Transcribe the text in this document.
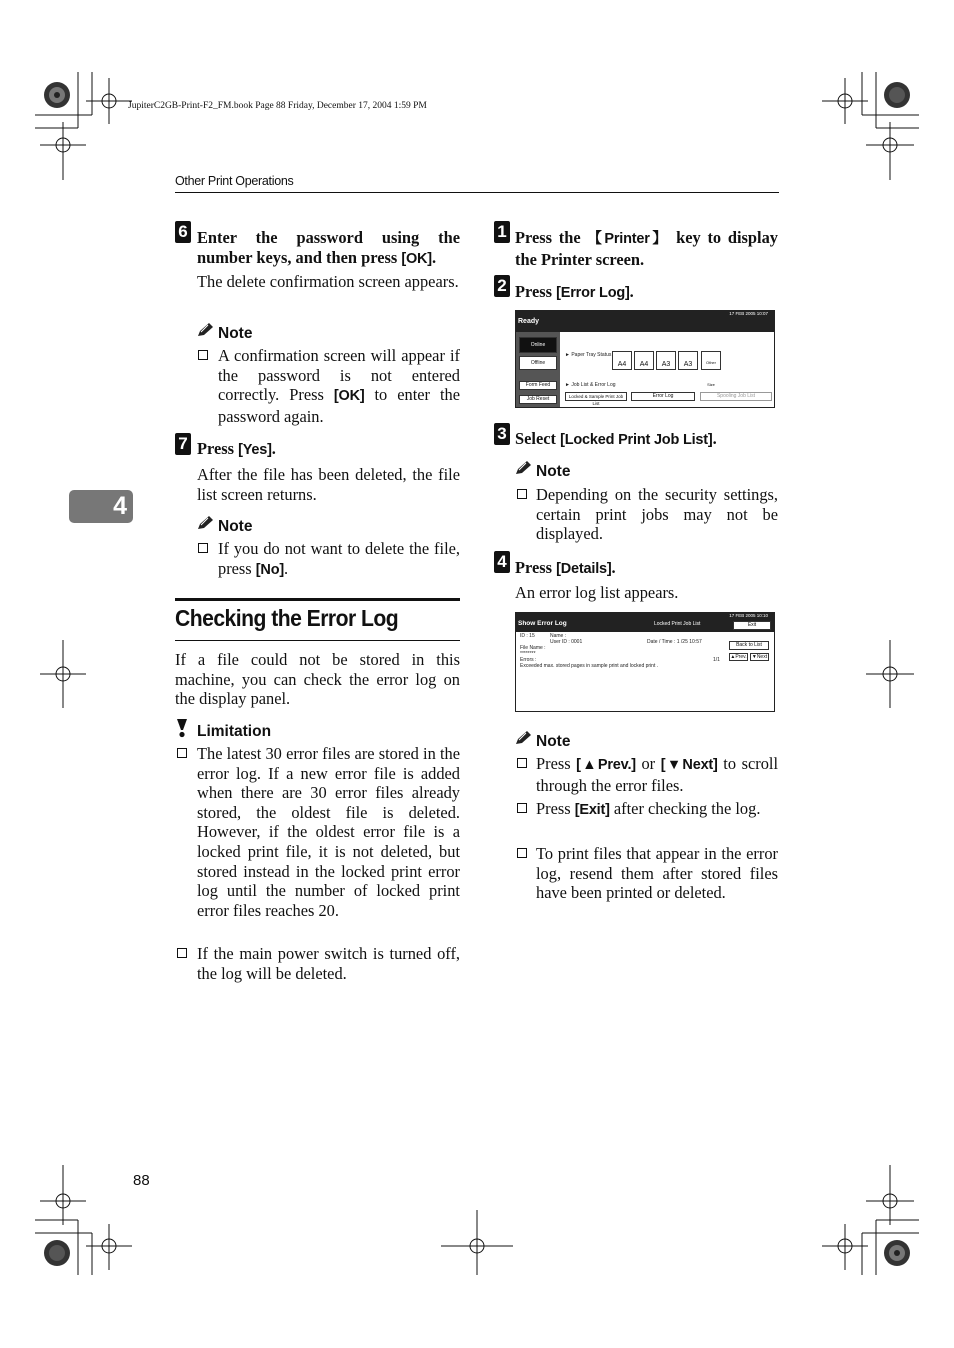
JupiterC2GB-Print-F2_FM.book Page 88 Friday, December 17, 2004 1:59 PM
Other Print Operations
4
6 Enter the password using the number keys, and then press [OK].
The delete confirmation screen appears.
Note
A confirmation screen will appear if the password is not entered correctly. Press [OK] to enter the password again.
7 Press [Yes].
After the file has been deleted, the file list screen returns.
Note
If you do not want to delete the file, press [No].
Checking the Error Log
If a file could not be stored in this machine, you can check the error log on the display panel.
Limitation
The latest 30 error files are stored in the error log. If a new error file is added when there are 30 error files already stored, the oldest file is deleted. However, if the oldest error file is a locked print file, it is not deleted, but stored instead in the locked print error log until the number of locked print error files reaches 20.
If the main power switch is turned off, the log will be deleted.
1 Press the 【Printer】 key to display the Printer screen.
2 Press [Error Log].
17 FEB 2005 10:07
Ready
Online
Offline
Form Feed
Job Reset
► Paper Tray Status
A4	A4	A3	A3	Other Size
► Job List & Error Log
Locked & Sample Print Job List
Error Log	Spooling Job List
3 Select [Locked Print Job List].
Note
Depending on the security settings, certain print jobs may not be displayed.
4 Press [Details].
An error log list appears.
17 FEB 2005 10:10
Show Error Log	Locked Print Job List	Exit
ID : 15	Name :
User ID : 0001	Date / Time : 1 /25 10:57
File Name :
********
Errors :
Exceeded max. stored pages in sample print and locked print .
1/1
Back to List
▲Prev.	▼Next
Note
Press [▲Prev.] or [▼Next] to scroll through the error files.
Press [Exit] after checking the log.
To print files that appear in the error log, resend them after stored files have been printed or deleted.
88
